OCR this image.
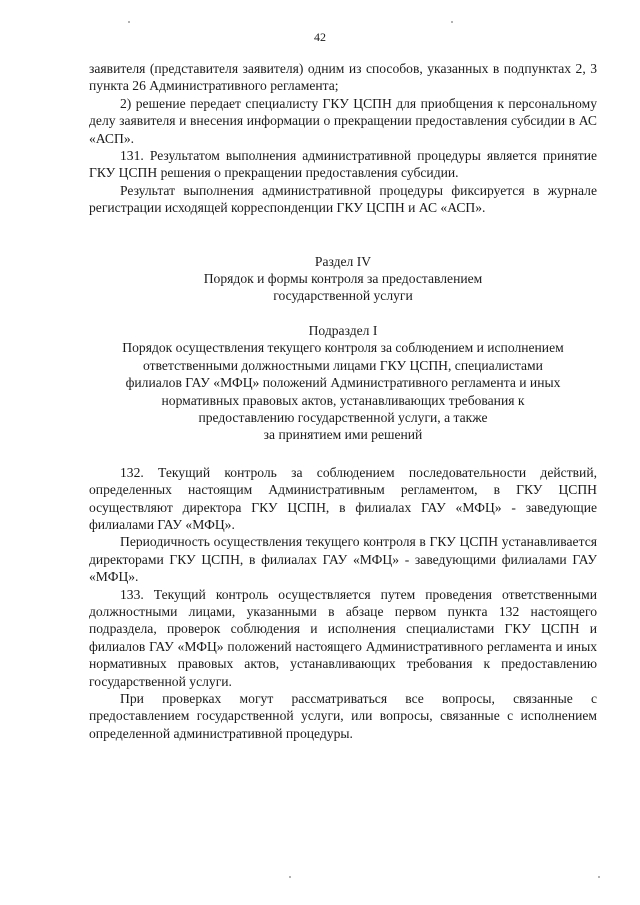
42

заявителя (представителя заявителя) одним из способов, указанных в подпунктах 2, 3 пункта 26 Административного регламента;

2) решение передает специалисту ГКУ ЦСПН для приобщения к персональному делу заявителя и внесения информации о прекращении предоставления субсидии в АС «АСП».

131. Результатом выполнения административной процедуры является принятие ГКУ ЦСПН решения о прекращении предоставления субсидии.

Результат выполнения административной процедуры фиксируется в журнале регистрации исходящей корреспонденции ГКУ ЦСПН и АС «АСП».

Раздел IV

Порядок и формы контроля за предоставлением

государственной услуги

Подраздел I

Порядок осуществления текущего контроля за соблюдением и исполнением

ответственными должностными лицами ГКУ ЦСПН, специалистами

филиалов ГАУ «МФЦ» положений Административного регламента и иных

нормативных правовых актов, устанавливающих требования к

предоставлению государственной услуги, а также

за принятием ими решений

132. Текущий контроль за соблюдением последовательности действий, определенных настоящим Административным регламентом, в ГКУ ЦСПН осуществляют директора ГКУ ЦСПН, в филиалах ГАУ «МФЦ» - заведующие филиалами ГАУ «МФЦ».

Периодичность осуществления текущего контроля в ГКУ ЦСПН устанавливается директорами ГКУ ЦСПН, в филиалах ГАУ «МФЦ» - заведующими филиалами ГАУ «МФЦ».

133. Текущий контроль осуществляется путем проведения ответственными должностными лицами, указанными в абзаце первом пункта 132 настоящего подраздела, проверок соблюдения и исполнения специалистами ГКУ ЦСПН и филиалов ГАУ «МФЦ» положений настоящего Административного регламента и иных нормативных правовых актов, устанавливающих требования к предоставлению государственной услуги.

При проверках могут рассматриваться все вопросы, связанные с предоставлением государственной услуги, или вопросы, связанные с исполнением определенной административной процедуры.
